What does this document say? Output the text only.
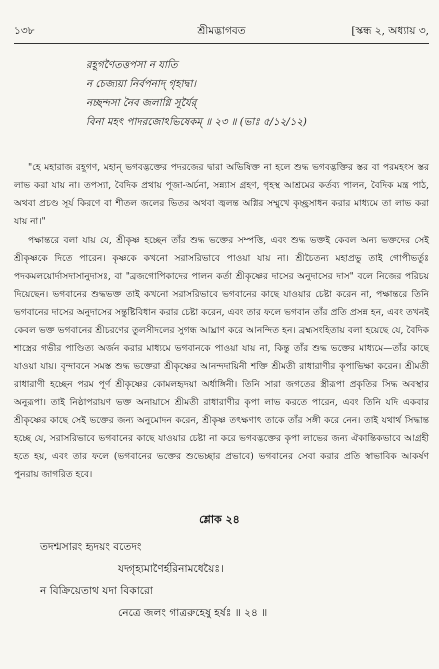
১৩৮	শ্রীমদ্ভাগবত	[স্কন্ধ ২, অধ্যায় ৩,
রহূগণৈতত্তপসা ন যাতি
ন চেজ্যয়া নির্বপনাদ্ গৃহাদ্বা।
নচ্ছন্দসা নৈব জলাগ্নি সূর্যৈর্
বিনা মহৎ পাদরজোঽভিষেকম্ ॥ ২৩ ॥ (ভাঃ ৫/১২/১২)

"হে মহারাজ রহূগণ, মহান্ ভগবদ্ভক্তের পদরজের দ্বারা অভিষিক্ত না হলে শুদ্ধ ভগবদ্ভক্তির স্তর বা পরমহংস স্তর লাভ করা যায় না। তপস্যা, বৈদিক প্রথায় পূজা-অর্চনা, সন্ন্যাস গ্রহণ, গৃহস্থ আশ্রমের কর্তব্য পালন, বৈদিক মন্ত্র পাঠ, অথবা প্রচণ্ড সূর্য কিরণে বা শীতল জলের ভিতর অথবা জ্বলন্ত অগ্নির সম্মুখে কৃচ্ছ্রসাধন করার মাধ্যমে তা লাভ করা যায় না।"

পক্ষান্তরে বলা যায় যে, শ্রীকৃষ্ণ হচ্ছেন তাঁর শুদ্ধ ভক্তের সম্পত্তি, এবং শুদ্ধ ভক্তই কেবল অন্য ভক্তদের সেই শ্রীকৃষ্ণকে দিতে পারেন। কৃষ্ণকে কখনো সরাসরিভাবে পাওয়া যায় না। শ্রীচৈতন্য মহাপ্রভু তাই গোপীভর্তুঃ পদকমলয়োর্দাসদাসানুদাসঃ, বা "ব্রজগোপিকাদের পালন কর্তা শ্রীকৃষ্ণের দাসের অনুদাসের দাস" বলে নিজের পরিচয় দিয়েছেন। ভগবানের শুদ্ধভক্ত তাই কখনো সরাসরিভাবে ভগবানের কাছে যাওয়ার চেষ্টা করেন না, পক্ষান্তরে তিনি ভগবানের দাসের অনুদাসের সন্তুষ্টিবিধান করার চেষ্টা করেন, এবং তার ফলে ভগবান তাঁর প্রতি প্রসন্ন হন, এবং তখনই কেবল ভক্ত ভগবানের শ্রীচরণের তুলসীদলের সুগন্ধ আঘ্রাণ করে আনন্দিত হন। ব্রহ্মসংহিতায় বলা হয়েছে যে, বৈদিক শাস্ত্রের গভীর পাণ্ডিত্য অর্জন করার মাধ্যমে ভগবানকে পাওয়া যায় না, কিন্তু তাঁর শুদ্ধ ভক্তের মাধ্যমে—তাঁর কাছে যাওয়া যায়। বৃন্দাবনে সমস্ত শুদ্ধ ভক্তেরা শ্রীকৃষ্ণের আনন্দদায়িনী শক্তি শ্রীমতী রাধারাণীর কৃপাভিক্ষা করেন। শ্রীমতী রাধারাণী হচ্ছেন পরম পূর্ণ শ্রীকৃষ্ণের কোমলহৃদয়া অর্ধাঙ্গিনী। তিনি সারা জগতের স্ত্রীরূপা প্রকৃতির সিদ্ধ অবস্থার অনুরূপা। তাই নিষ্ঠাপরায়ণ ভক্ত অনায়াসে শ্রীমতী রাধারাণীর কৃপা লাভ করতে পারেন, এবং তিনি যদি একবার শ্রীকৃষ্ণের কাছে সেই ভক্তের জন্য অনুমোদন করেন, শ্রীকৃষ্ণ তৎক্ষণাৎ তাকে তাঁর সঙ্গী করে নেন। তাই যথার্থ সিদ্ধান্ত হচ্ছে যে, সরাসরিভাবে ভগবানের কাছে যাওয়ার চেষ্টা না করে ভগবদ্ভক্তের কৃপা লাভের জন্য ঐকান্তিকভাবে আগ্রহী হতে হয়, এবং তার ফলে (ভগবানের ভক্তের শুভেচ্ছার প্রভাবে) ভগবানের সেবা করার প্রতি স্বাভাবিক আকর্ষণ পুনরায় জাগরিত হবে।

শ্লোক ২৪
তদশ্মসারং হৃদয়ং বতেদং
যদ্গৃহ্যমাণৈর্হরিনামধেয়ৈঃ।
ন বিক্রিয়েতাথ যদা বিকারো
নেত্রে জলং গাত্ররুহেষু হর্ষঃ ॥ ২৪ ॥
